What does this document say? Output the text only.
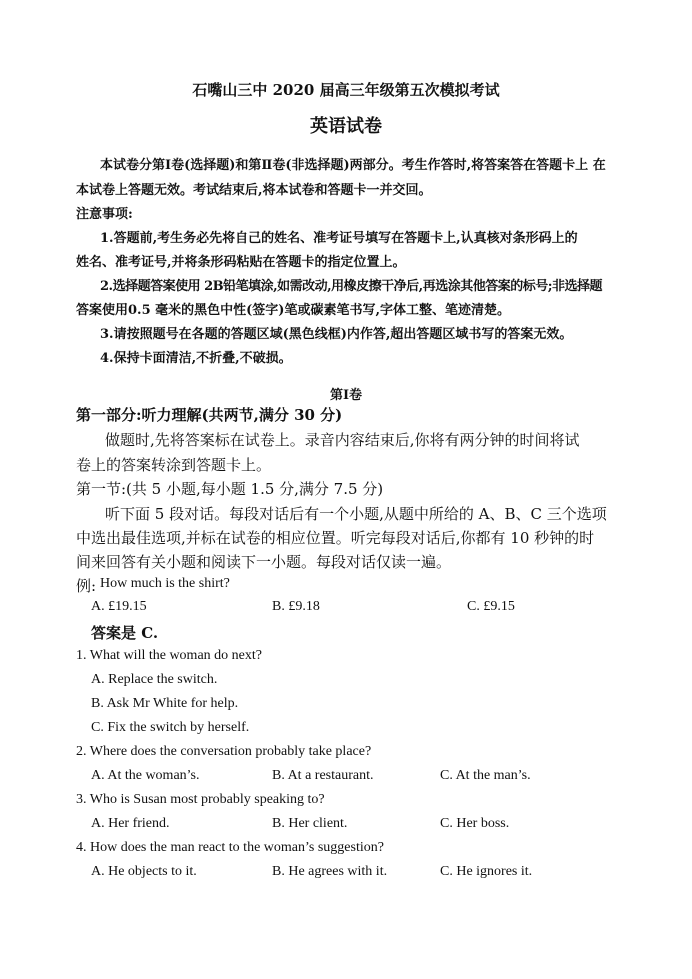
石嘴山三中 2020 届高三年级第五次模拟考试
英语试卷
本试卷分第Ⅰ卷(选择题)和第Ⅱ卷(非选择题)两部分。考生作答时,将答案答在答题卡上 在
本试卷上答题无效。考试结束后,将本试卷和答题卡一并交回。
注意事项:
1.答题前,考生务必先将自己的姓名、准考证号填写在答题卡上,认真核对条形码上的
姓名、准考证号,并将条形码粘贴在答题卡的指定位置上。
2.选择题答案使用 2B铅笔填涂,如需改动,用橡皮擦干净后,再选涂其他答案的标号;非选择题
答案使用0.5 毫米的黑色中性(签字)笔或碳素笔书写,字体工整、笔迹清楚。
3.请按照题号在各题的答题区域(黑色线框)内作答,超出答题区域书写的答案无效。
4.保持卡面清洁,不折叠,不破损。
第Ⅰ卷
第一部分:听力理解(共两节,满分 30 分)
做题时,先将答案标在试卷上。录音内容结束后,你将有两分钟的时间将试
卷上的答案转涂到答题卡上。
第一节:(共 5 小题,每小题 1.5 分,满分 7.5 分)
听下面 5 段对话。每段对话后有一个小题,从题中所给的 A、B、C 三个选项
中选出最佳选项,并标在试卷的相应位置。听完每段对话后,你都有 10 秒钟的时
间来回答有关小题和阅读下一小题。每段对话仅读一遍。
例: How much is the shirt?
A. £19.15	B. £9.18	C. £9.15
答案是 C.
1. What will the woman do next?
A. Replace the switch.
B. Ask Mr White for help.
C. Fix the switch by herself.
2. Where does the conversation probably take place?
A. At the woman’s.	B. At a restaurant.	C. At the man’s.
3. Who is Susan most probably speaking to?
A. Her friend.	B. Her client.	C. Her boss.
4. How does the man react to the woman’s suggestion?
A. He objects to it.	B. He agrees with it.	C. He ignores it.
